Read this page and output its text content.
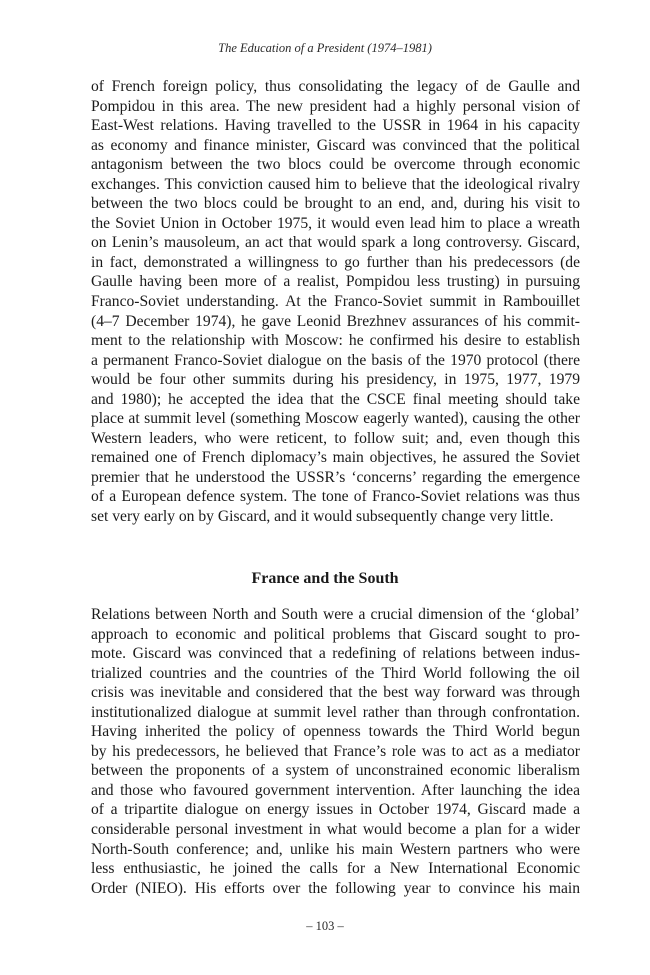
The Education of a President (1974–1981)
of French foreign policy, thus consolidating the legacy of de Gaulle and
Pompidou in this area. The new president had a highly personal vision of
East-West relations. Having travelled to the USSR in 1964 in his capacity
as economy and finance minister, Giscard was convinced that the political
antagonism between the two blocs could be overcome through economic
exchanges. This conviction caused him to believe that the ideological rivalry
between the two blocs could be brought to an end, and, during his visit to
the Soviet Union in October 1975, it would even lead him to place a wreath
on Lenin’s mausoleum, an act that would spark a long controversy. Giscard,
in fact, demonstrated a willingness to go further than his predecessors (de
Gaulle having been more of a realist, Pompidou less trusting) in pursuing
Franco-Soviet understanding. At the Franco-Soviet summit in Rambouillet
(4–7 December 1974), he gave Leonid Brezhnev assurances of his commit-
ment to the relationship with Moscow: he confirmed his desire to establish
a permanent Franco-Soviet dialogue on the basis of the 1970 protocol (there
would be four other summits during his presidency, in 1975, 1977, 1979
and 1980); he accepted the idea that the CSCE final meeting should take
place at summit level (something Moscow eagerly wanted), causing the other
Western leaders, who were reticent, to follow suit; and, even though this
remained one of French diplomacy’s main objectives, he assured the Soviet
premier that he understood the USSR’s ‘concerns’ regarding the emergence
of a European defence system. The tone of Franco-Soviet relations was thus
set very early on by Giscard, and it would subsequently change very little.
France and the South
Relations between North and South were a crucial dimension of the ‘global’
approach to economic and political problems that Giscard sought to pro-
mote. Giscard was convinced that a redefining of relations between indus-
trialized countries and the countries of the Third World following the oil
crisis was inevitable and considered that the best way forward was through
institutionalized dialogue at summit level rather than through confrontation.
Having inherited the policy of openness towards the Third World begun
by his predecessors, he believed that France’s role was to act as a mediator
between the proponents of a system of unconstrained economic liberalism
and those who favoured government intervention. After launching the idea
of a tripartite dialogue on energy issues in October 1974, Giscard made a
considerable personal investment in what would become a plan for a wider
North-South conference; and, unlike his main Western partners who were
less enthusiastic, he joined the calls for a New International Economic
Order (NIEO). His efforts over the following year to convince his main
– 103 –
